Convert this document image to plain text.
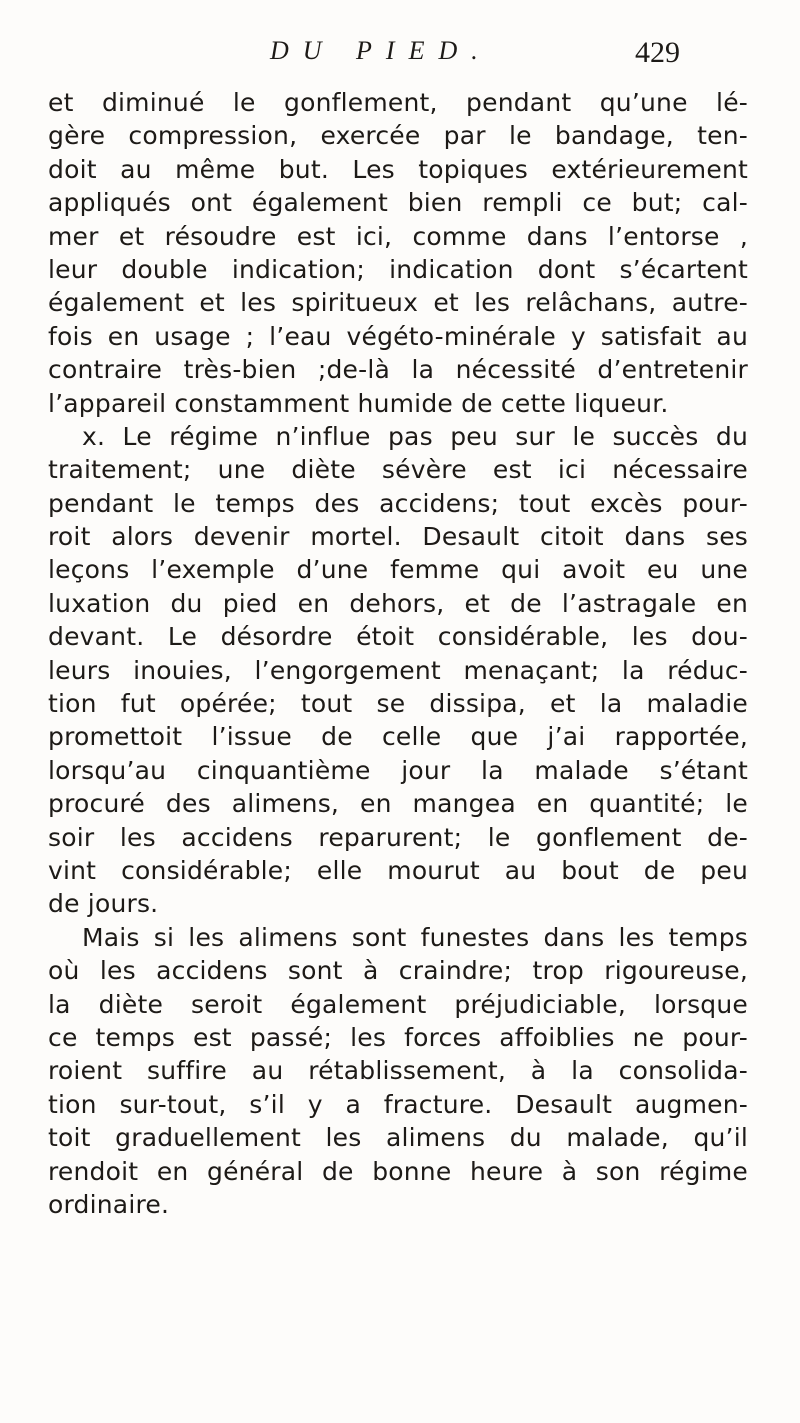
DU PIED.	429
et diminué le gonflement, pendant qu’une lé-
gère compression, exercée par le bandage, ten-
doit au même but. Les topiques extérieurement
appliqués ont également bien rempli ce but; cal-
mer et résoudre est ici, comme dans l’entorse ,
leur double indication; indication dont s’écartent
également et les spiritueux et les relâchans, autre-
fois en usage ; l’eau végéto-minérale y satisfait au
contraire très-bien ;de-là la nécessité d’entretenir
l’appareil constamment humide de cette liqueur.
x. Le régime n’influe pas peu sur le succès du
traitement; une diète sévère est ici nécessaire
pendant le temps des accidens; tout excès pour-
roit alors devenir mortel. Desault citoit dans ses
leçons l’exemple d’une femme qui avoit eu une
luxation du pied en dehors, et de l’astragale en
devant. Le désordre étoit considérable, les dou-
leurs inouies, l’engorgement menaçant; la réduc-
tion fut opérée; tout se dissipa, et la maladie
promettoit l’issue de celle que j’ai rapportée,
lorsqu’au cinquantième jour la malade s’étant
procuré des alimens, en mangea en quantité; le
soir les accidens reparurent; le gonflement de-
vint considérable; elle mourut au bout de peu
de jours.
Mais si les alimens sont funestes dans les temps
où les accidens sont à craindre; trop rigoureuse,
la diète seroit également préjudiciable, lorsque
ce temps est passé; les forces affoiblies ne pour-
roient suffire au rétablissement, à la consolida-
tion sur-tout, s’il y a fracture. Desault augmen-
toit graduellement les alimens du malade, qu’il
rendoit en général de bonne heure à son régime
ordinaire.
